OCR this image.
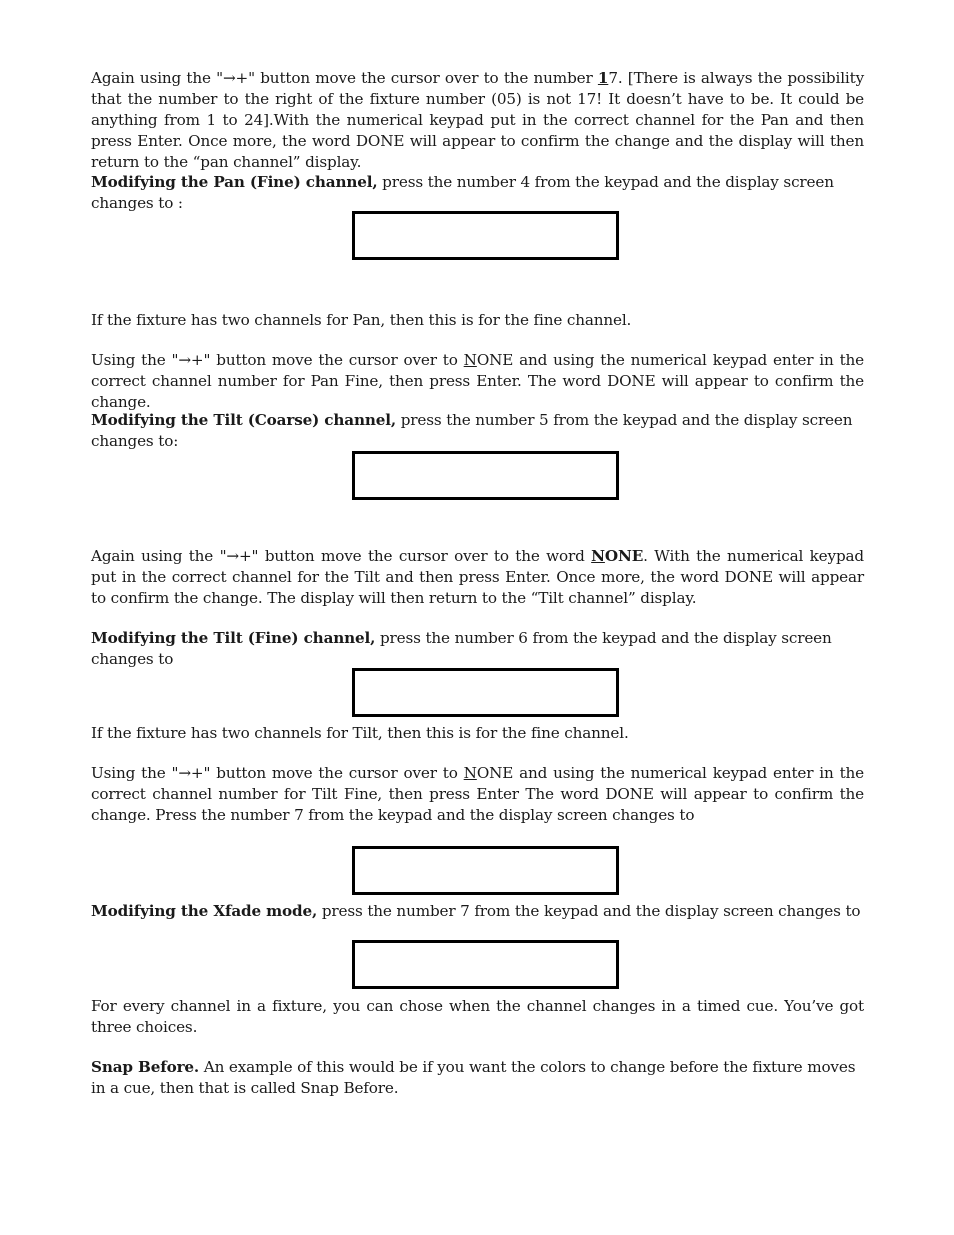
Again using the "→+" button move the cursor over to the number 17. [There is always the possibility that the number to the right of the fixture number (05) is not 17! It doesn’t have to be. It could be anything from 1 to 24].With the numerical keypad put in the correct channel for the Pan and then press Enter. Once more, the word DONE will appear to confirm the change and the display will then return to the “pan channel” display.

Modifying the Pan (Fine) channel, press the number 4 from the keypad and the display screen changes to :

If the fixture has two channels for Pan, then this is for the fine channel.

Using the "→+" button move the cursor over to NONE and using the numerical keypad enter in the correct channel number for Pan Fine, then press Enter. The word DONE will appear to confirm the change.

Modifying the Tilt (Coarse) channel, press the number 5 from the keypad and the display screen changes to:

Again using the "→+" button move the cursor over to the word NONE. With the numerical keypad put in the correct channel for the Tilt and then press Enter. Once more, the word DONE will appear to confirm the change. The display will then return to the “Tilt channel” display.

Modifying the Tilt (Fine) channel, press the number 6 from the keypad and the display screen changes to

If the fixture has two channels for Tilt, then this is for the fine channel.

Using the "→+" button move the cursor over to NONE and using the numerical keypad enter in the correct channel number for Tilt Fine, then press Enter The word DONE will appear to confirm the change. Press the number 7 from the keypad and the display screen changes to

Modifying the Xfade mode, press the number 7 from the keypad and the display screen changes to

For every channel in a fixture, you can chose when the channel changes in a timed cue. You’ve got three choices.

Snap Before. An example of this would be if you want the colors to change before the fixture moves in a cue, then that is called Snap Before.
